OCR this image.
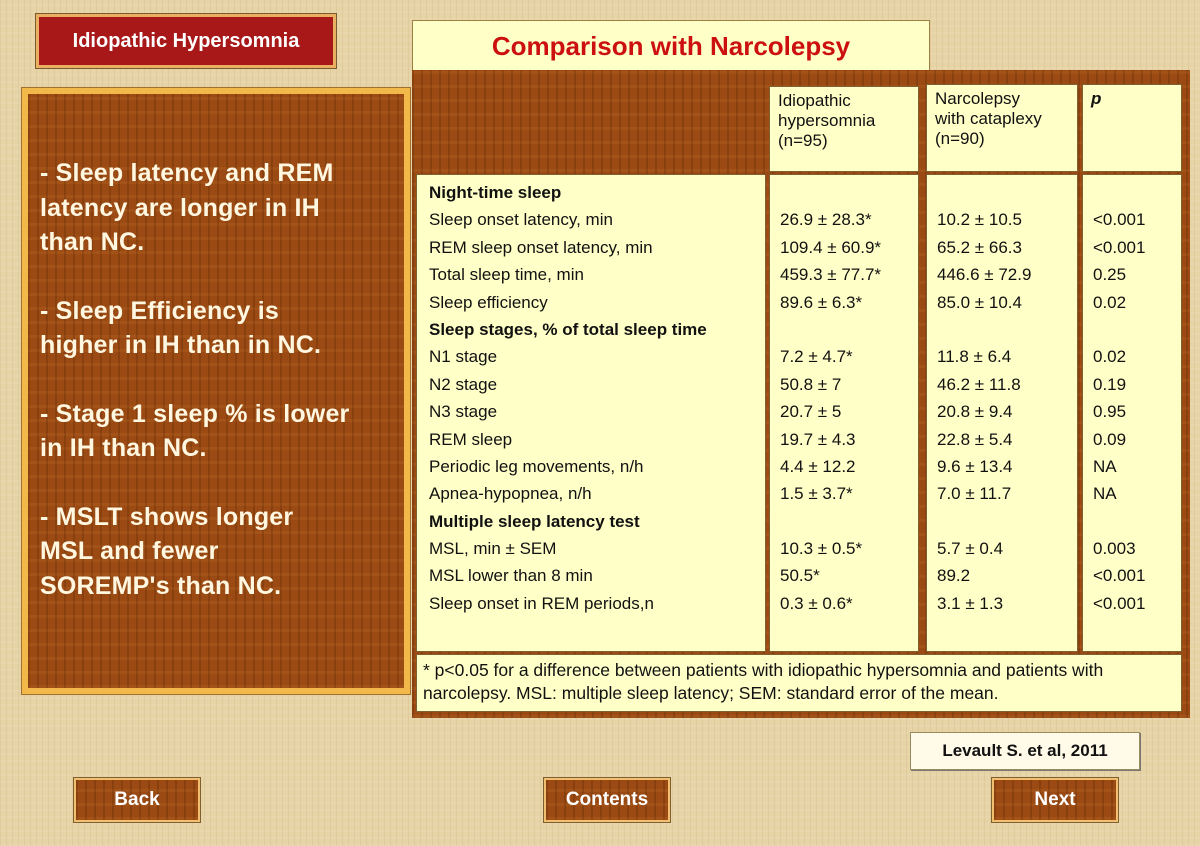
Idiopathic Hypersomnia
- Sleep latency and REM
latency are longer in IH
than NC.
- Sleep Efficiency is
higher in IH than in NC.
- Stage 1 sleep % is lower
in IH than NC.
- MSLT shows longer
MSL and fewer
SOREMP's than NC.
Comparison with Narcolepsy
Idiopathic
hypersomnia
(n=95)
Narcolepsy
with cataplexy
(n=90)
p
Night-time sleep
Sleep onset latency, min
REM sleep onset latency, min
Total sleep time, min
Sleep efficiency
Sleep stages, % of total sleep time
N1 stage
N2 stage
N3 stage
REM sleep
Periodic leg movements, n/h
Apnea-hypopnea, n/h
Multiple sleep latency test
MSL, min ± SEM
MSL lower than 8 min
Sleep onset in REM periods,n
26.9 ± 28.3*
109.4 ± 60.9*
459.3 ± 77.7*
89.6 ± 6.3*
7.2 ± 4.7*
50.8 ± 7
20.7 ± 5
19.7 ± 4.3
4.4 ± 12.2
1.5 ± 3.7*
10.3 ± 0.5*
50.5*
0.3 ± 0.6*
10.2 ± 10.5
65.2 ± 66.3
446.6 ± 72.9
85.0 ± 10.4
11.8 ± 6.4
46.2 ± 11.8
20.8 ± 9.4
22.8 ± 5.4
9.6 ± 13.4
7.0 ± 11.7
5.7 ± 0.4
89.2
3.1 ± 1.3
<0.001
<0.001
0.25
0.02
0.02
0.19
0.95
0.09
NA
NA
0.003
<0.001
<0.001
* p<0.05 for a difference between patients with idiopathic hypersomnia and patients with narcolepsy. MSL: multiple sleep latency; SEM: standard error of the mean.
Levault S. et al, 2011
Back	Contents	Next
